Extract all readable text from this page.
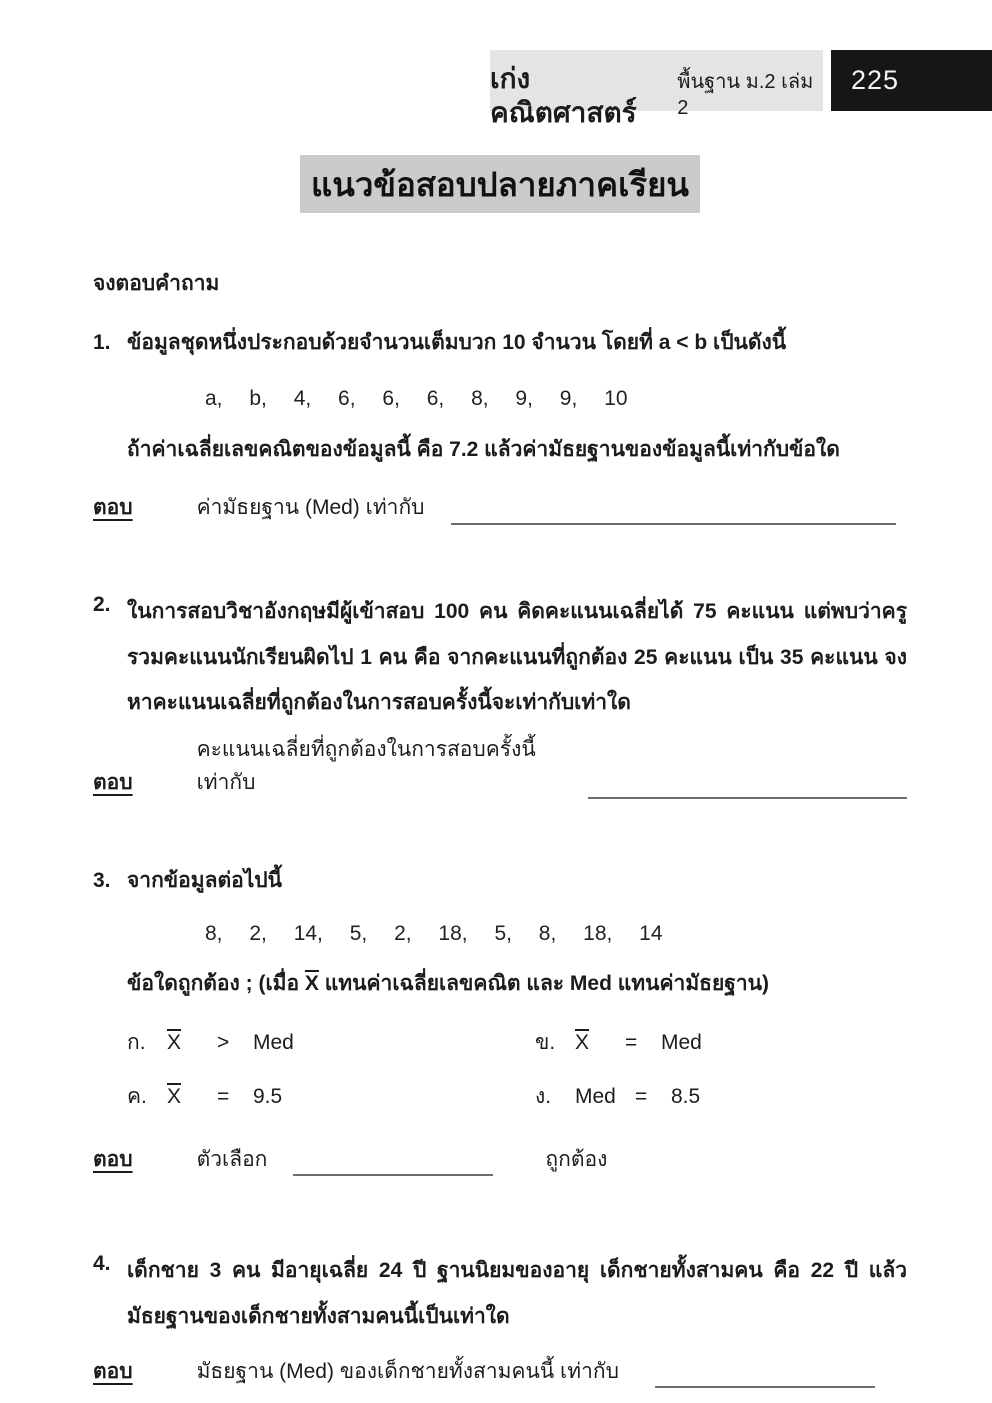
เก่งคณิตศาสตร์
พื้นฐาน ม.2 เล่ม 2
225
แนวข้อสอบปลายภาคเรียน
จงตอบคำถาม
1. ข้อมูลชุดหนึ่งประกอบด้วยจำนวนเต็มบวก 10 จำนวน โดยที่ a < b เป็นดังนี้
a, b, 4, 6, 6, 6, 8, 9, 9, 10
ถ้าค่าเฉลี่ยเลขคณิตของข้อมูลนี้ คือ 7.2 แล้วค่ามัธยฐานของข้อมูลนี้เท่ากับข้อใด
ตอบ	ค่ามัธยฐาน (Med) เท่ากับ
2. ในการสอบวิชาอังกฤษมีผู้เข้าสอบ 100 คน คิดคะแนนเฉลี่ยได้ 75 คะแนน แต่พบว่าครูรวมคะแนนนักเรียนผิดไป 1 คน คือ จากคะแนนที่ถูกต้อง 25 คะแนน เป็น 35 คะแนน จงหาคะแนนเฉลี่ยที่ถูกต้องในการสอบครั้งนี้จะเท่ากับเท่าใด
ตอบ
คะแนนเฉลี่ยที่ถูกต้องในการสอบครั้งนี้ เท่ากับ
3. จากข้อมูลต่อไปนี้
8, 2, 14, 5, 2, 18, 5, 8, 18, 14
ข้อใดถูกต้อง ; (เมื่อ $\overline{X}$ แทนค่าเฉลี่ยเลขคณิต และ Med แทนค่ามัธยฐาน)
ก.	$\overline{X}$	>	Med	ข. $\overline{X}$	=	Med
ค. $\overline{X}$	=	9.5	ง.	Med =	8.5
ตอบ	ตัวเลือก	ถูกต้อง
4. เด็กชาย 3 คน มีอายุเฉลี่ย 24 ปี ฐานนิยมของอายุ เด็กชายทั้งสามคน คือ 22 ปี แล้วมัธยฐานของเด็กชายทั้งสามคนนี้เป็นเท่าใด
ตอบ	มัธยฐาน (Med) ของเด็กชายทั้งสามคนนี้ เท่ากับ
